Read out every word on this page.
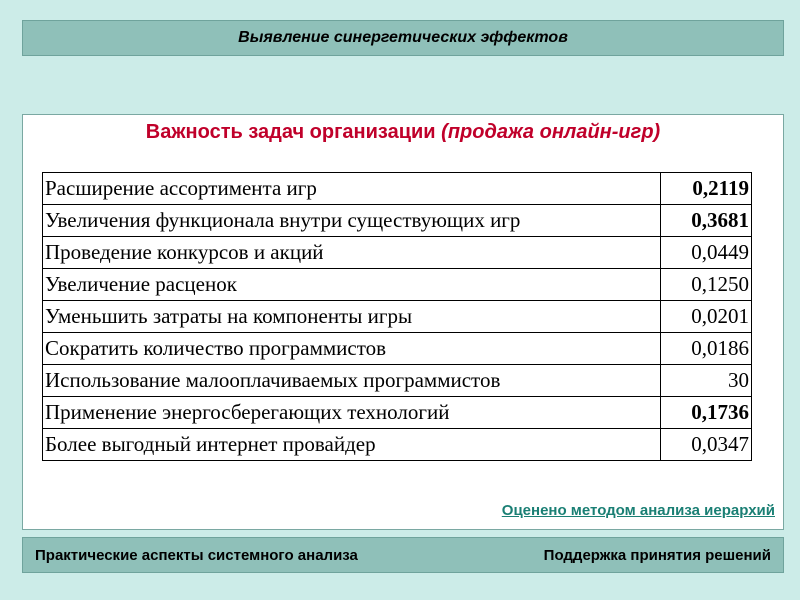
Выявление синергетических эффектов
Важность задач организации (продажа онлайн-игр)
Расширение ассортимента игр	0,2119
Увеличения функционала внутри существующих игр	0,3681
Проведение конкурсов и акций	0,0449
Увеличение расценок	0,1250
Уменьшить затраты на компоненты игры	0,0201
Сократить количество программистов	0,0186
Использование малооплачиваемых программистов	30
Применение энергосберегающих технологий	0,1736
Более выгодный интернет провайдер	0,0347
Оценено методом анализа иерархий
Практические аспекты системного анализа	Поддержка принятия решений
